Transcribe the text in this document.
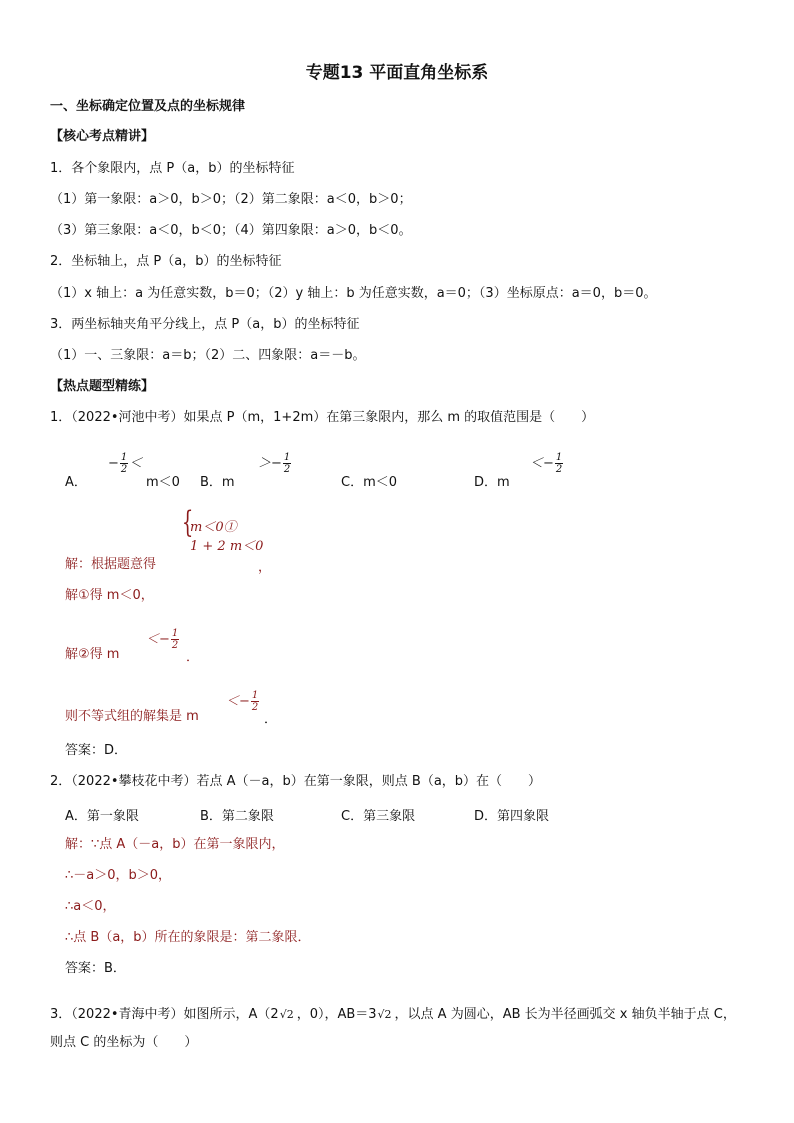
专题13 平面直角坐标系
一、坐标确定位置及点的坐标规律
【核心考点精讲】
1．各个象限内，点 P（a，b）的坐标特征
（1）第一象限：a＞0，b＞0；（2）第二象限：a＜0，b＞0；
（3）第三象限：a＜0，b＜0；（4）第四象限：a＞0，b＜0。
2．坐标轴上，点 P（a，b）的坐标特征
（1）x 轴上：a 为任意实数，b＝0；（2）y 轴上：b 为任意实数，a＝0；（3）坐标原点：a＝0，b＝0。
3．两坐标轴夹角平分线上，点 P（a，b）的坐标特征
（1）一、三象限：a＝b；（2）二、四象限：a＝－b。
【热点题型精练】
1．（2022•河池中考）如果点 P（m，1+2m）在第三象限内，那么 m 的取值范围是（　　）
A．
− $\frac{1}{2}$ ＜
m＜0 B．m
＞− $\frac{1}{2}$
C．m＜0	D．m
＜− $\frac{1}{2}$
{
m＜0①
1 + 2 m＜0
解：根据题意得	，
解①得 m＜0，
解②得 m
＜− $\frac{1}{2}$
．
则不等式组的解集是 m
＜− $\frac{1}{2}$
．
答案：D．
2．（2022•攀枝花中考）若点 A（－a，b）在第一象限，则点 B（a，b）在（　　）
A．第一象限	B．第二象限	C．第三象限	D．第四象限
解：∵点 A（－a，b）在第一象限内，
∴－a＞0，b＞0，
∴a＜0，
∴点 B（a，b）所在的象限是：第二象限．
答案：B．
3．（2022•青海中考）如图所示，A（2 √2 ，0），AB＝3 √2 ，以点 A 为圆心，AB 长为半径画弧交 x 轴负半轴于点 C，
则点 C 的坐标为（　　）
